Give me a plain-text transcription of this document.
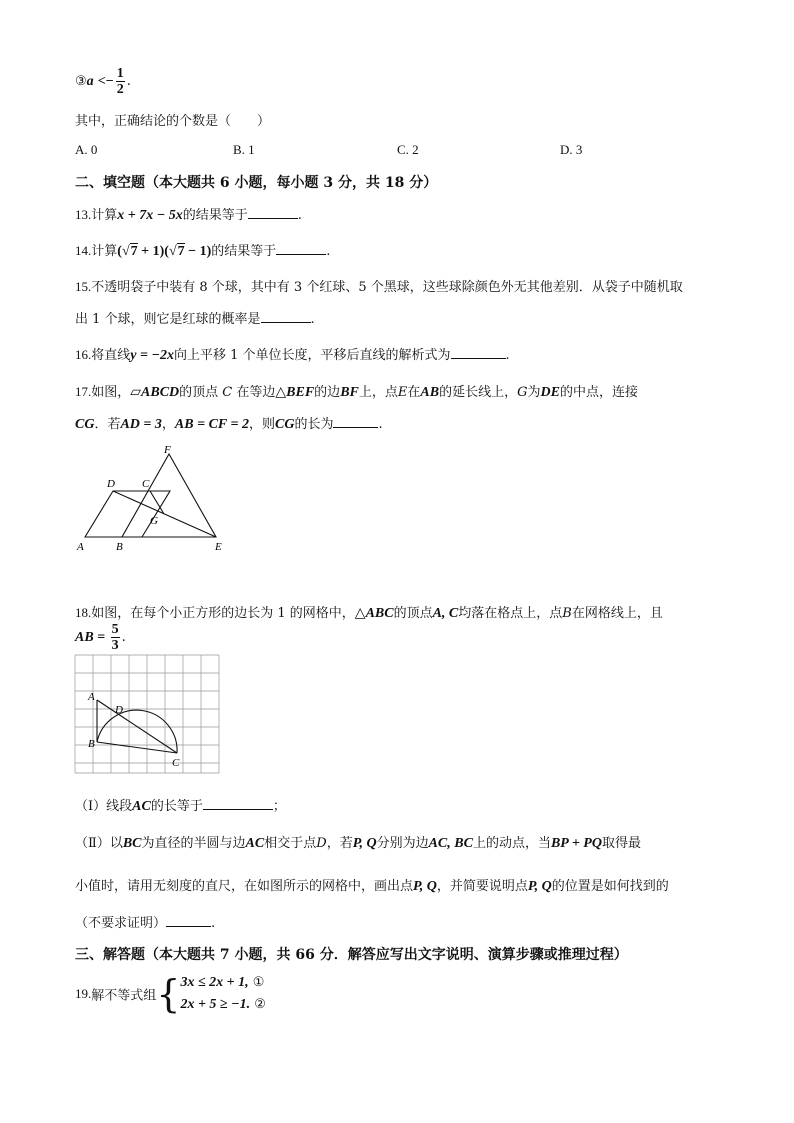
③a <− $\frac{1}{2}$ .
其中，正确结论的个数是（　　）
A. 0	B. 1	C. 2	D. 3
二、填空题（本大题共 6 小题，每小题 3 分，共 18 分）
13.计算x + 7x − 5x的结果等于	.
14.计算(√7 + 1)(√7 − 1)的结果等于	.
15.不透明袋子中装有 8 个球，其中有 3 个红球、5 个黑球，这些球除颜色外无其他差别．从袋子中随机取
出 1 个球，则它是红球的概率是	.
16.将直线y = −2x向上平移 1 个单位长度，平移后直线的解析式为	.
17.如图，▱ABCD的顶点 C 在等边△BEF的边BF上，点E在AB的延长线上，G为DE的中点，连接
CG．若AD = 3，AB = CF = 2，则CG的长为	.
A	B
C
D
E
F
G
18.如图，在每个小正方形的边长为 1 的网格中，△ABC的顶点A, C均落在格点上，点B在网格线上，且
AB = $\frac{5}{3}$ .
A
B
C
D
（Ⅰ）线段AC的长等于	；
（Ⅱ）以BC为直径的半圆与边AC相交于点D，若P, Q分别为边AC, BC上的动点，当BP + PQ取得最
小值时，请用无刻度的直尺，在如图所示的网格中，画出点P, Q，并简要说明点P, Q的位置是如何找到的
（不要求证明）	.
三、解答题（本大题共 7 小题，共 66 分．解答应写出文字说明、演算步骤或推理过程）
19.解不等式组{ 3x ≤ 2x + 1, ①
2x + 5 ≥ −1. ②
